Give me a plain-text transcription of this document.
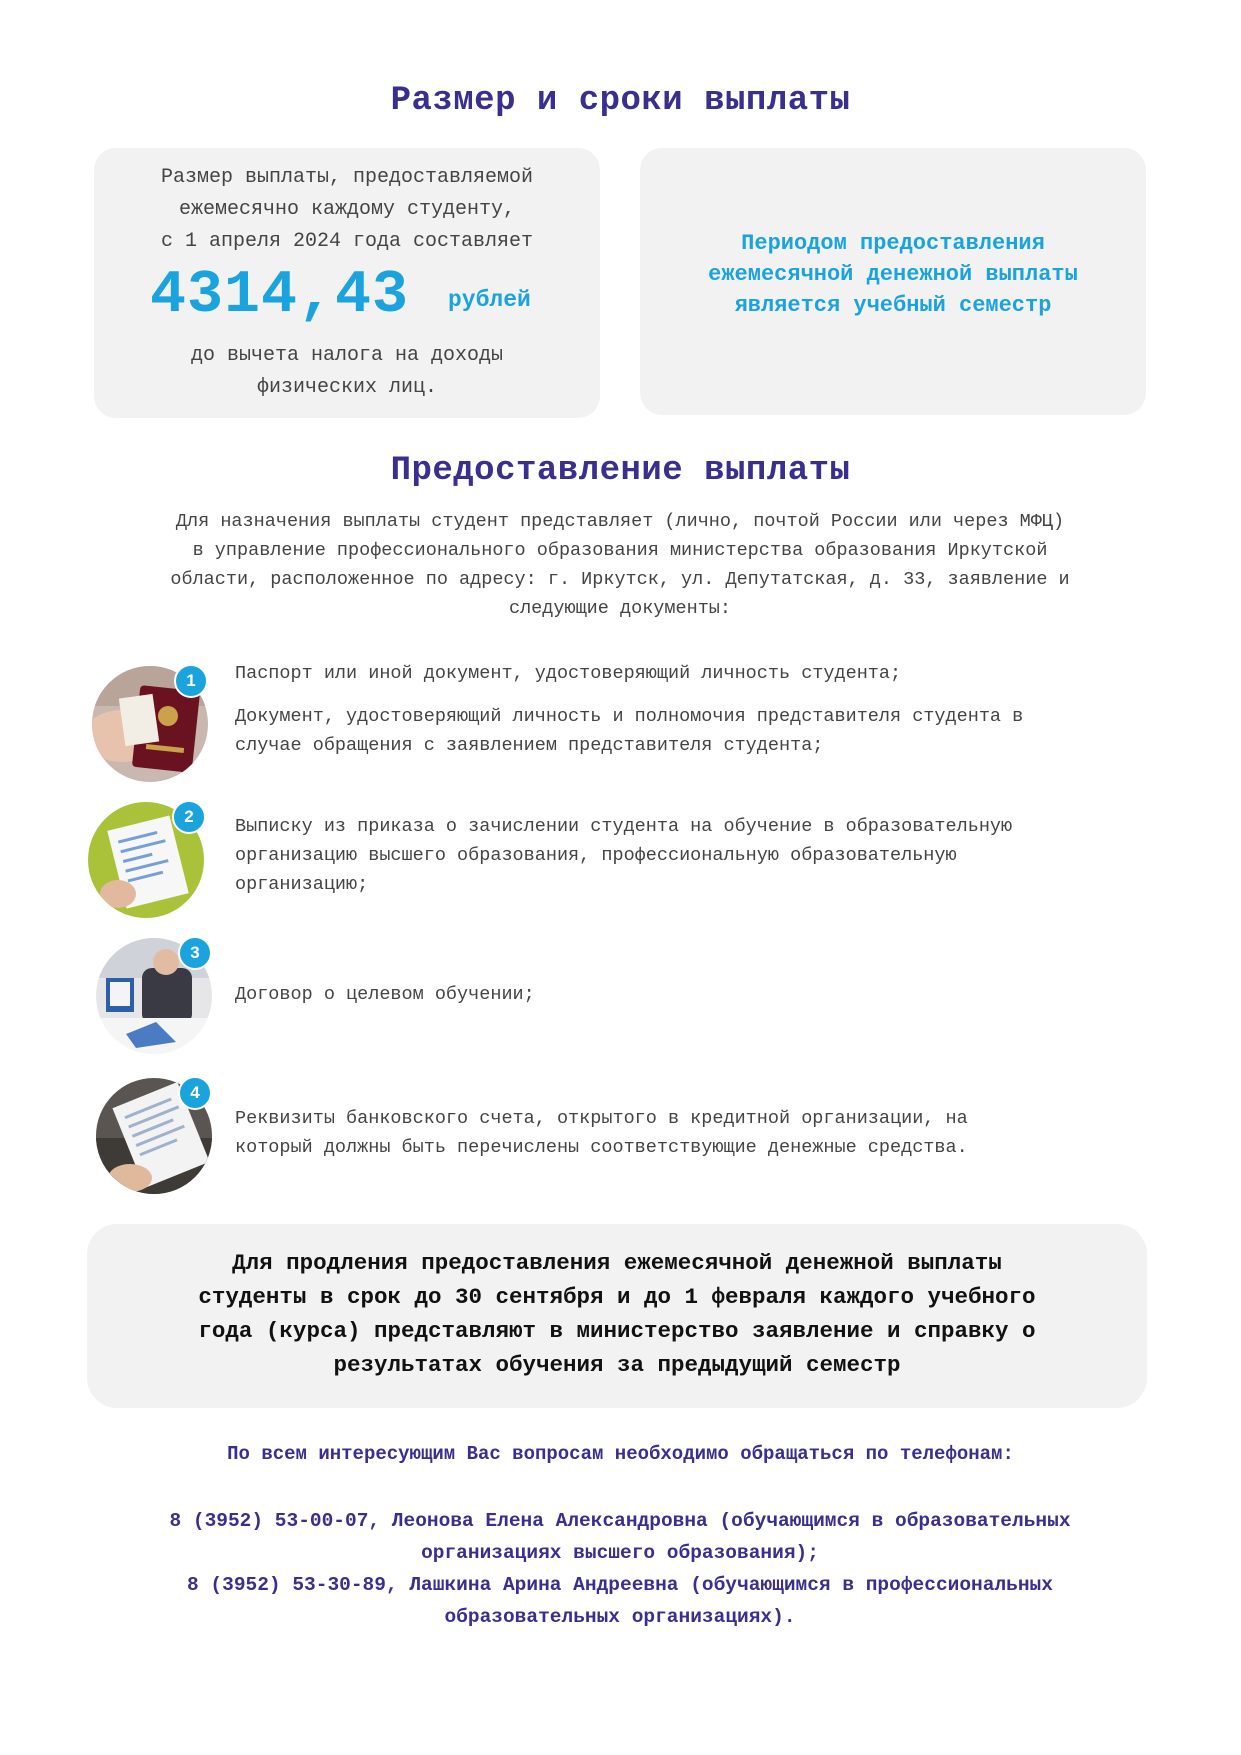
Размер и сроки выплаты
Размер выплаты, предоставляемой
ежемесячно каждому студенту,
с 1 апреля 2024 года составляет
до вычета налога на доходы
физических лиц.
4314,43 рублей
Периодом предоставления
ежемесячной денежной выплаты
является учебный семестр
Предоставление выплаты
Для назначения выплаты студент представляет (лично, почтой России или через МФЦ)
в управление профессионального образования министерства образования Иркутской
области, расположенное по адресу: г. Иркутск, ул. Депутатская, д. 33, заявление и
следующие документы:
1	Паспорт или иной документ, удостоверяющий личность студента;
Документ, удостоверяющий личность и полномочия представителя студента в
случае обращения с заявлением представителя студента;
2	Выписку из приказа о зачислении студента на обучение в образовательную
организацию высшего образования, профессиональную образовательную
организацию;
3
Договор о целевом обучении;
4
Реквизиты банковского счета, открытого в кредитной организации, на
который должны быть перечислены соответствующие денежные средства.
Для продления предоставления ежемесячной денежной выплаты
студенты в срок до 30 сентября и до 1 февраля каждого учебного
года (курса) представляют в министерство заявление и справку о
результатах обучения за предыдущий семестр
По всем интересующим Вас вопросам необходимо обращаться по телефонам:
8 (3952) 53-00-07, Леонова Елена Александровна (обучающимся в образовательных
организациях высшего образования);
8 (3952) 53-30-89, Лашкина Арина Андреевна (обучающимся в профессиональных
образовательных организациях).
